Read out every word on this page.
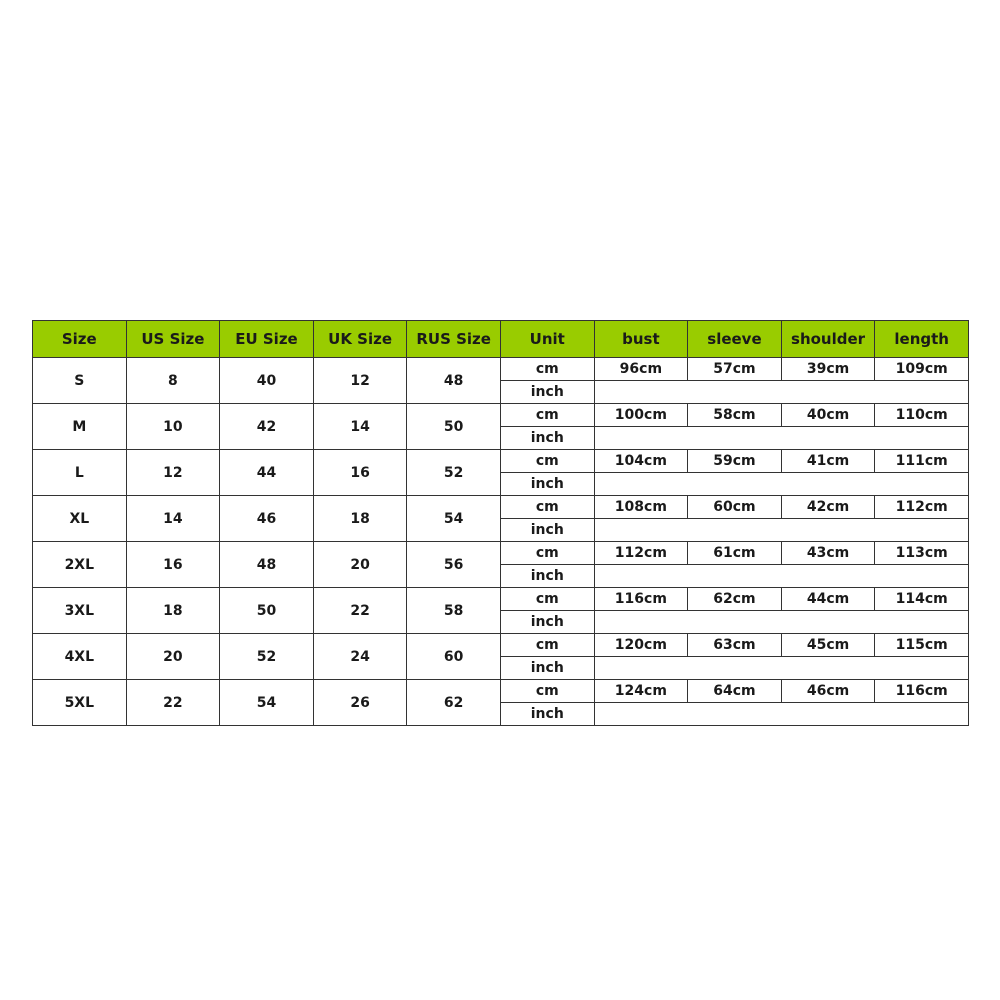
Size	US Size	EU Size	UK Size	RUS Size	Unit	bust	sleeve	shoulder	length
S	8	40	12	48	cm	96cm	57cm	39cm	109cm
					inch				
M	10	42	14	50	cm	100cm	58cm	40cm	110cm
					inch				
L	12	44	16	52	cm	104cm	59cm	41cm	111cm
					inch				
XL	14	46	18	54	cm	108cm	60cm	42cm	112cm
					inch				
2XL	16	48	20	56	cm	112cm	61cm	43cm	113cm
					inch				
3XL	18	50	22	58	cm	116cm	62cm	44cm	114cm
					inch				
4XL	20	52	24	60	cm	120cm	63cm	45cm	115cm
					inch				
5XL	22	54	26	62	cm	124cm	64cm	46cm	116cm
					inch				
